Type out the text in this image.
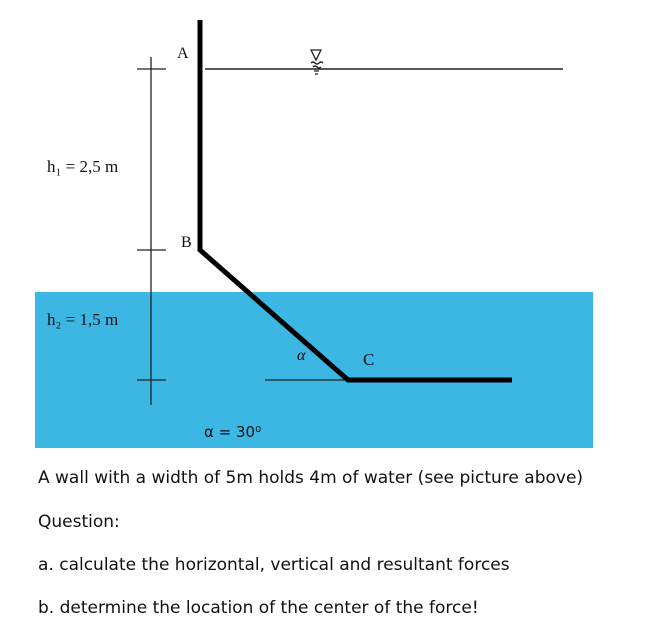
A
B
C
α
h₁ = 2,5 m
h₂ = 1,5 m
α = 30⁰
A wall with a width of 5m holds 4m of water (see picture above)
Question:
a. calculate the horizontal, vertical and resultant forces
b. determine the location of the center of the force!
